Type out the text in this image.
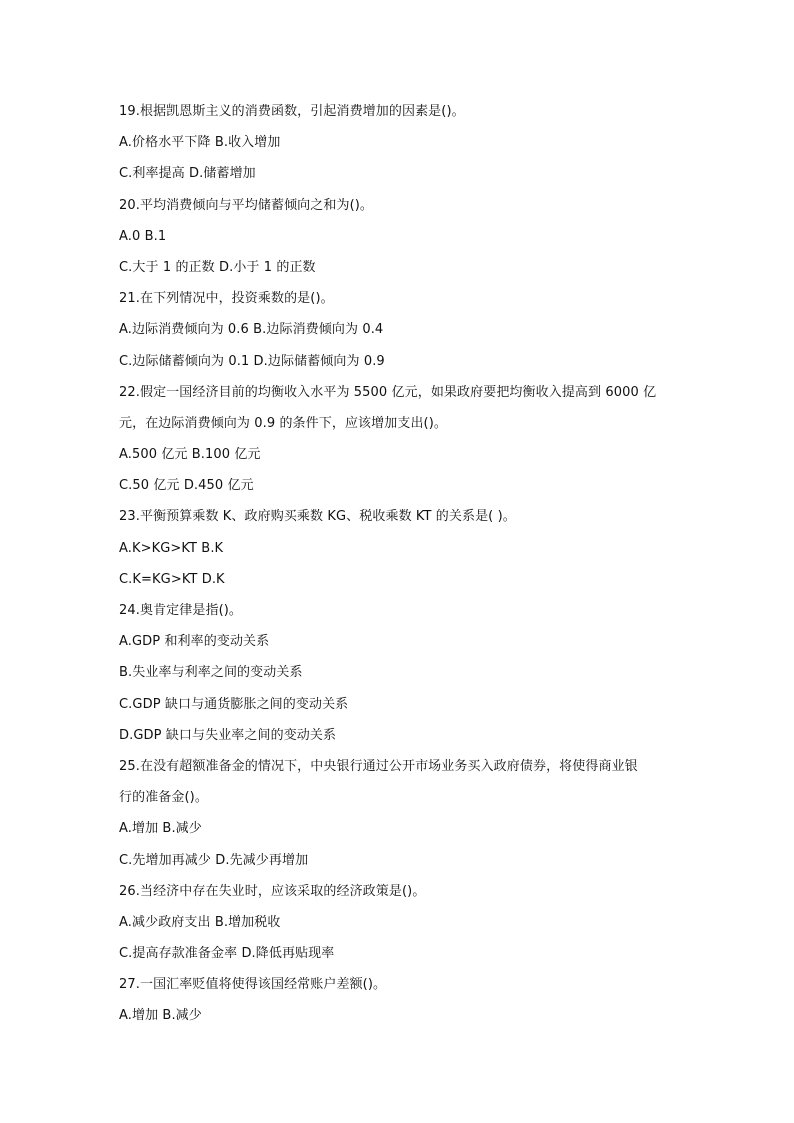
19.根据凯恩斯主义的消费函数，引起消费增加的因素是()。
A.价格水平下降 B.收入增加
C.利率提高 D.储蓄增加
20.平均消费倾向与平均储蓄倾向之和为()。
A.0 B.1
C.大于 1 的正数 D.小于 1 的正数
21.在下列情况中，投资乘数的是()。
A.边际消费倾向为 0.6 B.边际消费倾向为 0.4
C.边际储蓄倾向为 0.1 D.边际储蓄倾向为 0.9
22.假定一国经济目前的均衡收入水平为 5500 亿元，如果政府要把均衡收入提高到 6000 亿
元，在边际消费倾向为 0.9 的条件下，应该增加支出()。
A.500 亿元 B.100 亿元
C.50 亿元 D.450 亿元
23.平衡预算乘数 K、政府购买乘数 KG、税收乘数 KT 的关系是( )。
A.K>KG>KT B.K
C.K=KG>KT D.K
24.奥肯定律是指()。
A.GDP 和利率的变动关系
B.失业率与利率之间的变动关系
C.GDP 缺口与通货膨胀之间的变动关系
D.GDP 缺口与失业率之间的变动关系
25.在没有超额准备金的情况下，中央银行通过公开市场业务买入政府债券，将使得商业银
行的准备金()。
A.增加 B.减少
C.先增加再减少 D.先减少再增加
26.当经济中存在失业时，应该采取的经济政策是()。
A.减少政府支出 B.增加税收
C.提高存款准备金率 D.降低再贴现率
27.一国汇率贬值将使得该国经常账户差额()。
A.增加 B.减少
